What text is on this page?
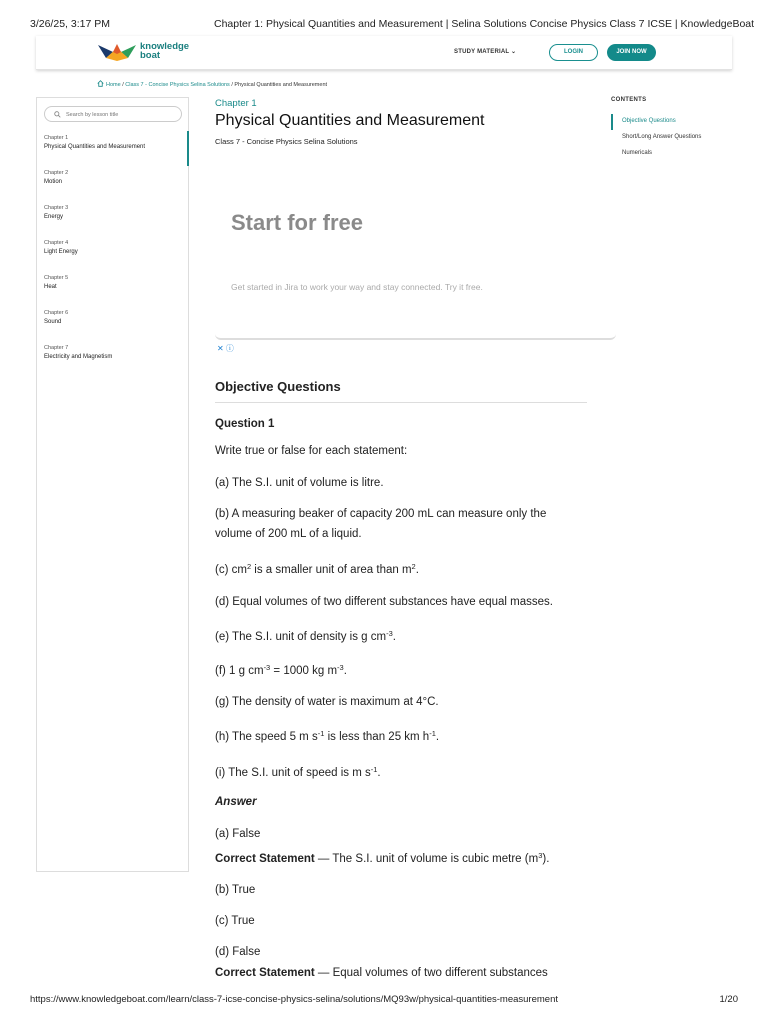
3/26/25, 3:17 PM	Chapter 1: Physical Quantities and Measurement | Selina Solutions Concise Physics Class 7 ICSE | KnowledgeBoat
knowledge
boat	STUDY MATERIAL ⌄	LOGIN	JOIN NOW
Home / Class 7 - Concise Physics Selina Solutions / Physical Quantities and Measurement
Search by lesson title
Chapter 1
Physical Quantities and Measurement
Chapter 2
Motion
Chapter 3
Energy
Chapter 4
Light Energy
Chapter 5
Heat
Chapter 6
Sound
Chapter 7
Electricity and Magnetism
Chapter 1
Physical Quantities and Measurement
Class 7 - Concise Physics Selina Solutions
Start for free
Get started in Jira to work your way and stay connected. Try it free.
✕ ⓘ
CONTENTS
Objective Questions
Short/Long Answer Questions
Numericals
Objective Questions
Question 1
Write true or false for each statement:
(a) The S.I. unit of volume is litre.
(b) A measuring beaker of capacity 200 mL can measure only the
volume of 200 mL of a liquid.
(c) $cm^2$ is a smaller unit of area than $m^2$.
(d) Equal volumes of two different substances have equal masses.
(e) The S.I. unit of density is g $cm^{-3}$.
(f) 1 g $cm^{-3} = 1000$ kg $m^{-3}$.
(g) The density of water is maximum at 4°C.
(h) The speed 5 m $s^{-1}$ is less than 25 km $h^{-1}$.
(i) The S.I. unit of speed is m $s^{-1}$.
Answer
(a) False
Correct Statement — The S.I. unit of volume is cubic metre $(m^3)$.
(b) True
(c) True
(d) False
Correct Statement — Equal volumes of two different substances
https://www.knowledgeboat.com/learn/class-7-icse-concise-physics-selina/solutions/MQ93w/physical-quantities-measurement	1/20
